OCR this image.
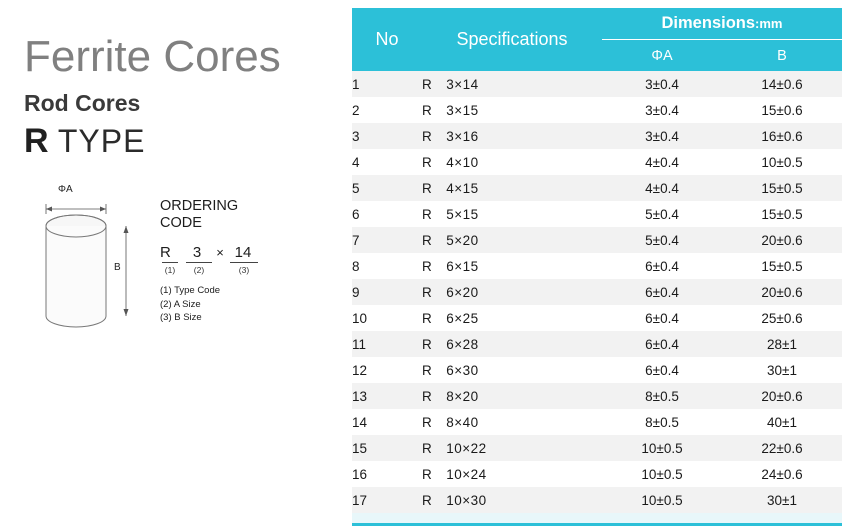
Ferrite Cores
Rod Cores
R TYPE
ΦA
B
ORDERING
CODE
R	3	× 14
(1)	(2)	(3)
(1) Type Code
(2) A Size
(3) B Size
No	Specifications	Dimensions:mm	
		ΦA	B
1	R 3×14	3±0.4	14±0.6
2	R 3×15	3±0.4	15±0.6
3	R 3×16	3±0.4	16±0.6
4	R 4×10	4±0.4	10±0.5
5	R 4×15	4±0.4	15±0.5
6	R 5×15	5±0.4	15±0.5
7	R 5×20	5±0.4	20±0.6
8	R 6×15	6±0.4	15±0.5
9	R 6×20	6±0.4	20±0.6
10	R 6×25	6±0.4	25±0.6
11	R 6×28	6±0.4	28±1
12	R 6×30	6±0.4	30±1
13	R 8×20	8±0.5	20±0.6
14	R 8×40	8±0.5	40±1
15	R 10×22	10±0.5	22±0.6
16	R 10×24	10±0.5	24±0.6
17	R 10×30	10±0.5	30±1
